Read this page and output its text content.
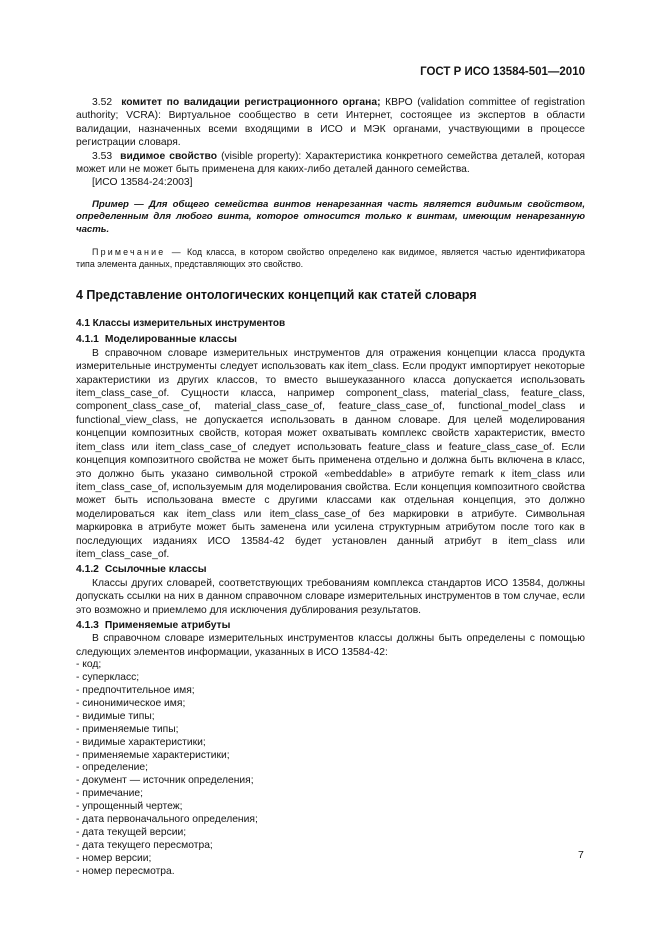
ГОСТ Р ИСО 13584-501—2010

3.52 комитет по валидации регистрационного органа; КВРО (validation committee of registration authority; VCRA): Виртуальное сообщество в сети Интернет, состоящее из экспертов в области валидации, назначенных всеми входящими в ИСО и МЭК органами, участвующими в процессе регистрации словаря.

3.53 видимое свойство (visible property): Характеристика конкретного семейства деталей, которая может или не может быть применена для каких-либо деталей данного семейства.

[ИСО 13584-24:2003]

Пример — Для общего семейства винтов ненарезанная часть является видимым свойством, определенным для любого винта, которое относится только к винтам, имеющим ненарезанную часть.

Примечание — Код класса, в котором свойство определено как видимое, является частью идентификатора типа элемента данных, представляющих это свойство.

4 Представление онтологических концепций как статей словаря

4.1 Классы измерительных инструментов

4.1.1 Моделированные классы

В справочном словаре измерительных инструментов для отражения концепции класса продукта измерительные инструменты следует использовать как item_class. Если продукт импортирует некоторые характеристики из других классов, то вместо вышеуказанного класса допускается использовать item_class_case_of. Сущности класса, например component_class, material_class, feature_class, component_class_case_of, material_class_case_of, feature_class_case_of, functional_model_class и functional_view_class, не допускается использовать в данном словаре. Для целей моделирования концепции композитных свойств, которая может охватывать комплекс свойств характеристик, вместо item_class или item_class_case_of следует использовать feature_class и feature_class_case_of. Если концепция композитного свойства не может быть применена отдельно и должна быть включена в класс, это должно быть указано символьной строкой «embeddable» в атрибуте remark к item_class или item_class_case_of, используемым для моделирования свойства. Если концепция композитного свойства может быть использована вместе с другими классами как отдельная концепция, это должно моделироваться как item_class или item_class_case_of без маркировки в атрибуте. Символьная маркировка в атрибуте может быть заменена или усилена структурным атрибутом после того как в последующих изданиях ИСО 13584-42 будет установлен данный атрибут в item_class или item_class_case_of.

4.1.2 Ссылочные классы

Классы других словарей, соответствующих требованиям комплекса стандартов ИСО 13584, должны допускать ссылки на них в данном справочном словаре измерительных инструментов в том случае, если это возможно и приемлемо для исключения дублирования результатов.

4.1.3 Применяемые атрибуты

В справочном словаре измерительных инструментов классы должны быть определены с помощью следующих элементов информации, указанных в ИСО 13584-42:

- код;
- суперкласс;
- предпочтительное имя;
- синонимическое имя;
- видимые типы;
- применяемые типы;
- видимые характеристики;
- применяемые характеристики;
- определение;
- документ — источник определения;
- примечание;
- упрощенный чертеж;
- дата первоначального определения;
- дата текущей версии;
- дата текущего пересмотра;
- номер версии;
- номер пересмотра.
7
